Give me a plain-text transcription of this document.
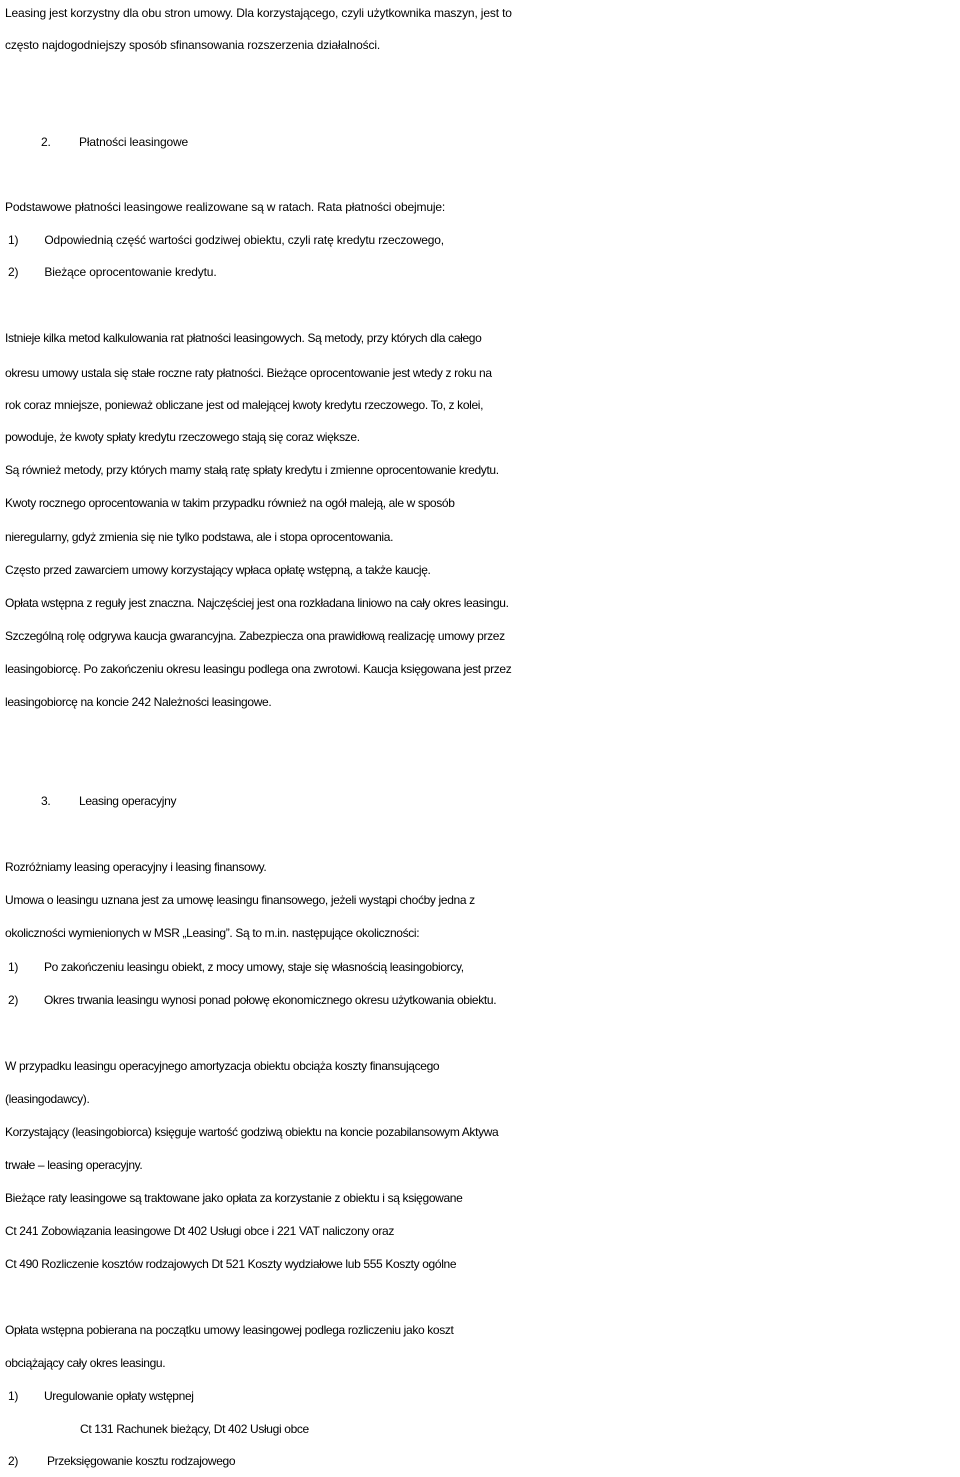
Leasing jest korzystny dla obu stron umowy. Dla korzystającego, czyli użytkownika maszyn, jest to
często najdogodniejszy sposób sfinansowania rozszerzenia działalności.
2. Płatności leasingowe
Podstawowe płatności leasingowe realizowane są w ratach. Rata płatności obejmuje:
1) Odpowiednią część wartości godziwej obiektu, czyli ratę kredytu rzeczowego,
2) Bieżące oprocentowanie kredytu.
Istnieje kilka metod kalkulowania rat płatności leasingowych. Są metody, przy których dla całego
okresu umowy ustala się stałe roczne raty płatności. Bieżące oprocentowanie jest wtedy z roku na
rok coraz mniejsze, ponieważ obliczane jest od malejącej kwoty kredytu rzeczowego. To, z kolei,
powoduje, że kwoty spłaty kredytu rzeczowego stają się coraz większe.
Są również metody, przy których mamy stałą ratę spłaty kredytu i zmienne oprocentowanie kredytu.
Kwoty rocznego oprocentowania w takim przypadku również na ogół maleją, ale w sposób
nieregularny, gdyż zmienia się nie tylko podstawa, ale i stopa oprocentowania.
Często przed zawarciem umowy korzystający wpłaca opłatę wstępną, a także kaucję.
Opłata wstępna z reguły jest znaczna. Najczęściej jest ona rozkładana liniowo na cały okres leasingu.
Szczególną rolę odgrywa kaucja gwarancyjna. Zabezpiecza ona prawidłową realizację umowy przez
leasingobiorcę. Po zakończeniu okresu leasingu podlega ona zwrotowi. Kaucja księgowana jest przez
leasingobiorcę na koncie 242 Należności leasingowe.
3. Leasing operacyjny
Rozróżniamy leasing operacyjny i leasing finansowy.
Umowa o leasingu uznana jest za umowę leasingu finansowego, jeżeli wystąpi choćby jedna z
okoliczności wymienionych w MSR „Leasing”. Są to m.in. następujące okoliczności:
1) Po zakończeniu leasingu obiekt, z mocy umowy, staje się własnością leasingobiorcy,
2) Okres trwania leasingu wynosi ponad połowę ekonomicznego okresu użytkowania obiektu.
W przypadku leasingu operacyjnego amortyzacja obiektu obciąża koszty finansującego
(leasingodawcy).
Korzystający (leasingobiorca) księguje wartość godziwą obiektu na koncie pozabilansowym Aktywa
trwałe – leasing operacyjny.
Bieżące raty leasingowe są traktowane jako opłata za korzystanie z obiektu i są księgowane
Ct 241 Zobowiązania leasingowe Dt 402 Usługi obce i 221 VAT naliczony oraz
Ct 490 Rozliczenie kosztów rodzajowych Dt 521 Koszty wydziałowe lub 555 Koszty ogólne
Opłata wstępna pobierana na początku umowy leasingowej podlega rozliczeniu jako koszt
obciążający cały okres leasingu.
1) Uregulowanie opłaty wstępnej
Ct 131 Rachunek bieżący, Dt 402 Usługi obce
2)   Przeksięgowanie kosztu rodzajowego
